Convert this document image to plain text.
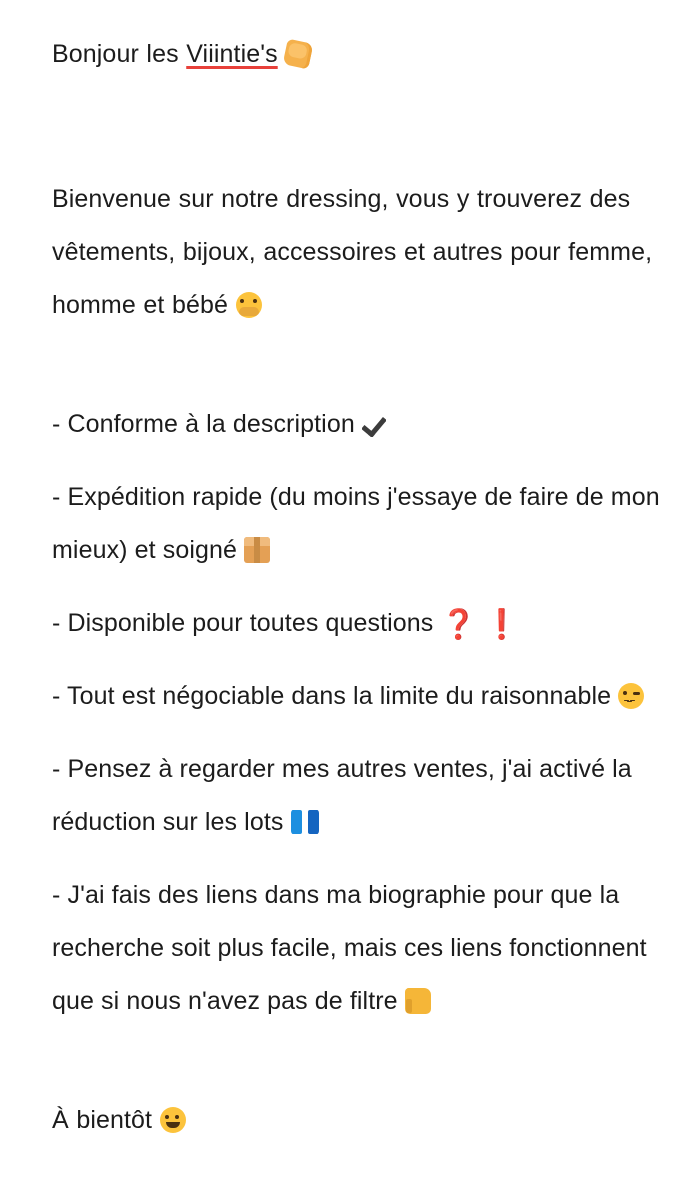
Bonjour les Viiintie's

Bienvenue sur notre dressing, vous y trouverez des vêtements, bijoux, accessoires et autres pour femme, homme et bébé

- Conforme à la description

- Expédition rapide (du moins j'essaye de faire de mon mieux) et soigné

- Disponible pour toutes questions ❓ ❗

- Tout est négociable dans la limite du raisonnable

- Pensez à regarder mes autres ventes, j'ai activé la réduction sur les lots

- J'ai fais des liens dans ma biographie pour que la recherche soit plus facile, mais ces liens fonctionnent que si nous n'avez pas de filtre

À bientôt
